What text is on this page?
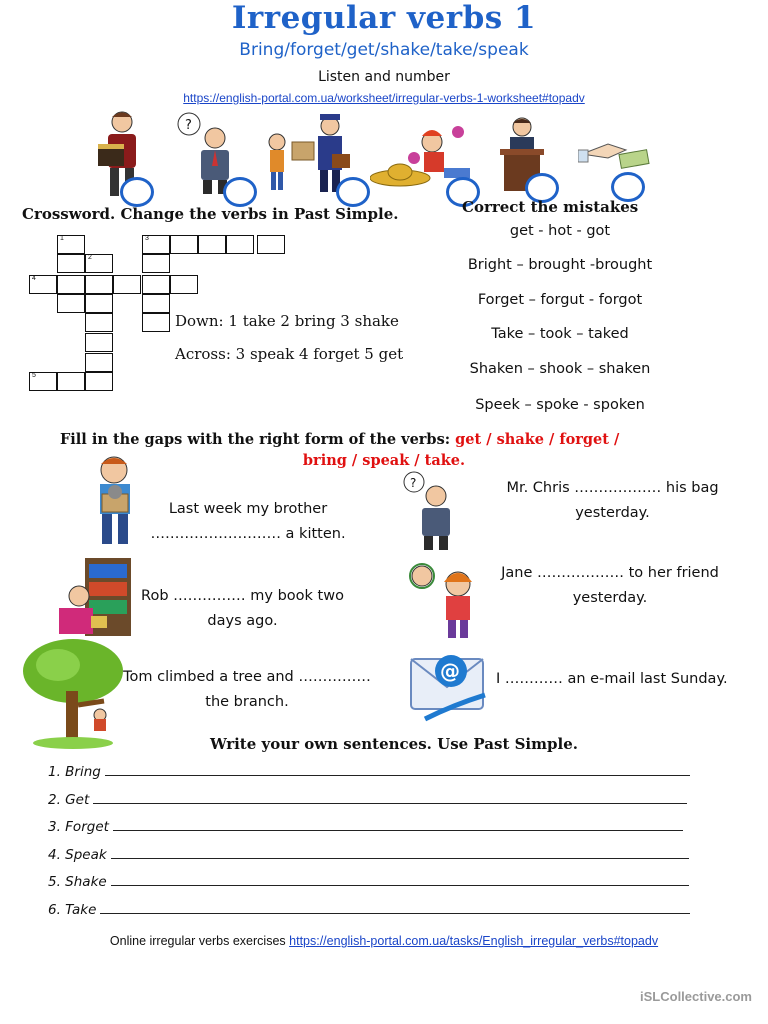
Irregular verbs 1
Bring/forget/get/shake/take/speak
Listen and number
https://english-portal.com.ua/worksheet/irregular-verbs-1-worksheet#topadv
?
Crossword. Change the verbs in Past Simple.
1	3
2
4
5
Down: 1 take 2 bring 3 shake
Across: 3 speak 4 forget 5 get
Correct the mistakes
get - hot - got
Bright – brought -brought
Forget – forgut - forgot
Take – took – taked
Shaken – shook – shaken
Speek – spoke - spoken
Fill in the gaps with the right form of the verbs: get / shake / forget /
bring / speak / take.
Last week my brother
……………………… a kitten.
?	Mr. Chris ……………… his bag
yesterday.
Rob …………… my book two
days ago.
Jane ……………… to her friend
yesterday.
Tom climbed a tree and ……………
the branch.
@ I ………… an e-mail last Sunday.
Write your own sentences. Use Past Simple.
1. Bring
2. Get
3. Forget
4. Speak
5. Shake
6. Take
Online irregular verbs exercises https://english-portal.com.ua/tasks/English_irregular_verbs#topadv
iSLCollective.com
